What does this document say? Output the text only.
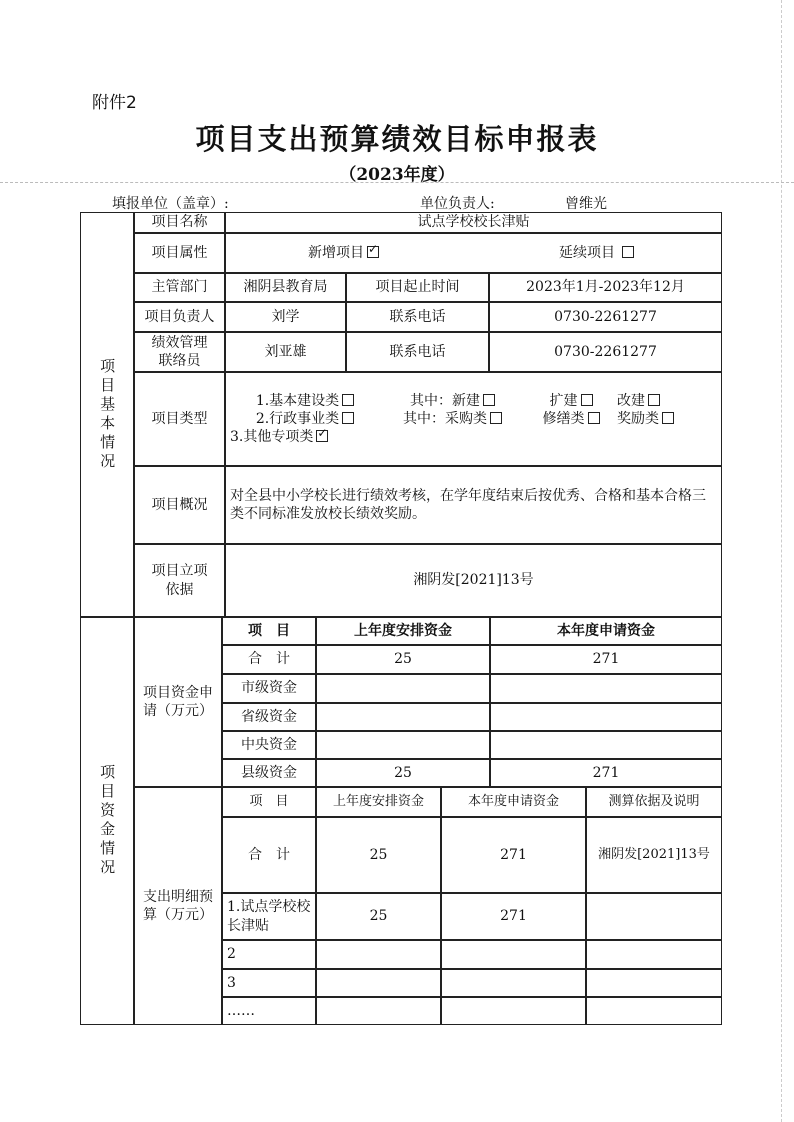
附件2
项目支出预算绩效目标申报表
（2023年度）
填报单位（盖章）:	单位负责人:	曾维光
项目基本情况
项目名称	试点学校校长津贴
项目属性	新增项目✓	延续项目
主管部门	湘阴县教育局	项目起止时间	2023年1月-2023年12月
项目负责人	刘学	联系电话	0730-2261277
绩效管理联络员
刘亚雄	联系电话	0730-2261277
项目类型
1.基本建设类	其中：新建	扩建	改建
2.行政事业类	其中：采购类	修缮类 奖励类
3.其他专项类✓
项目概况
对全县中小学校长进行绩效考核，在学年度结束后按优秀、合格和基本合格三类不同标准发放校长绩效奖励。
项目立项依据
湘阴发[2021]13号
项目资金情况
项目资金申请（万元）
项　目	上年度安排资金	本年度申请资金
合　计	25	271
市级资金
省级资金
中央资金
县级资金	25	271
支出明细预算（万元）
项　目	上年度安排资金	本年度申请资金	测算依据及说明
合　计	25	271	湘阴发[2021]13号
1.试点学校校长津贴
25	271
2
3
……
